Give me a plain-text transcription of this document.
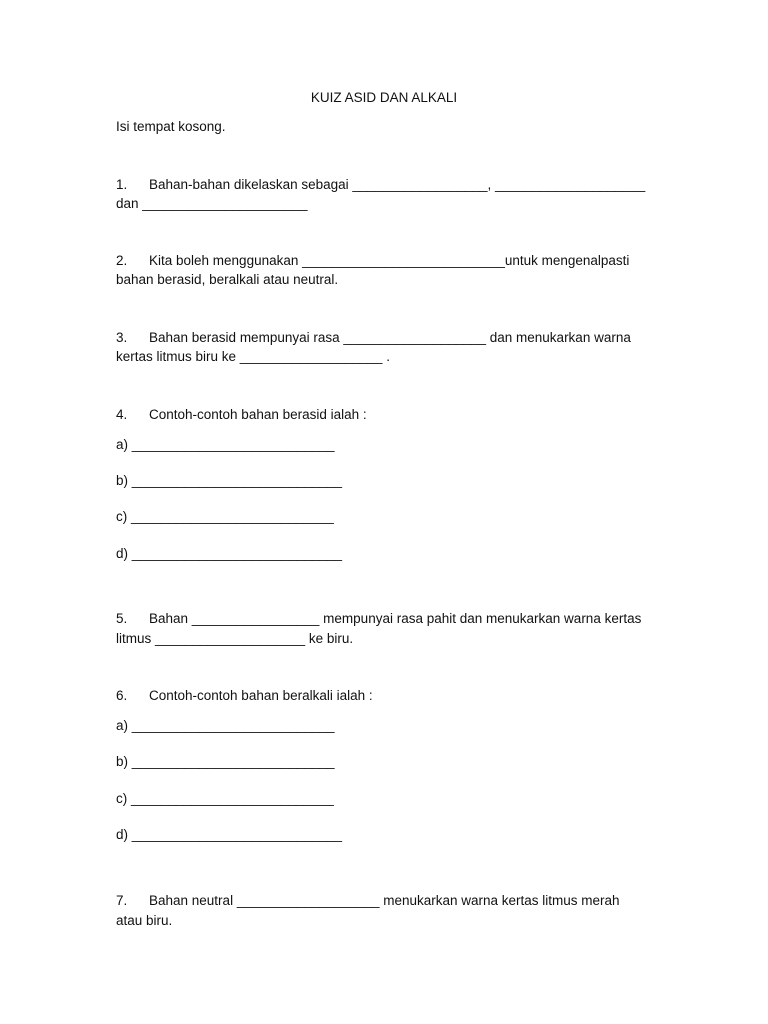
KUIZ ASID DAN ALKALI
Isi tempat kosong.
1. Bahan-bahan dikelaskan sebagai __________________, ____________________
dan ______________________
2. Kita boleh menggunakan ___________________________untuk mengenalpasti
bahan berasid, beralkali atau neutral.
3. Bahan berasid mempunyai rasa ___________________ dan menukarkan warna
kertas litmus biru ke ___________________ .
4. Contoh-contoh bahan berasid ialah :
a) ___________________________
b) ____________________________
c) ___________________________
d) ____________________________
5. Bahan _________________ mempunyai rasa pahit dan menukarkan warna kertas
litmus ____________________ ke biru.
6. Contoh-contoh bahan beralkali ialah :
a) ___________________________
b) ___________________________
c) ___________________________
d) ____________________________
7. Bahan neutral ___________________ menukarkan warna kertas litmus merah
atau biru.
